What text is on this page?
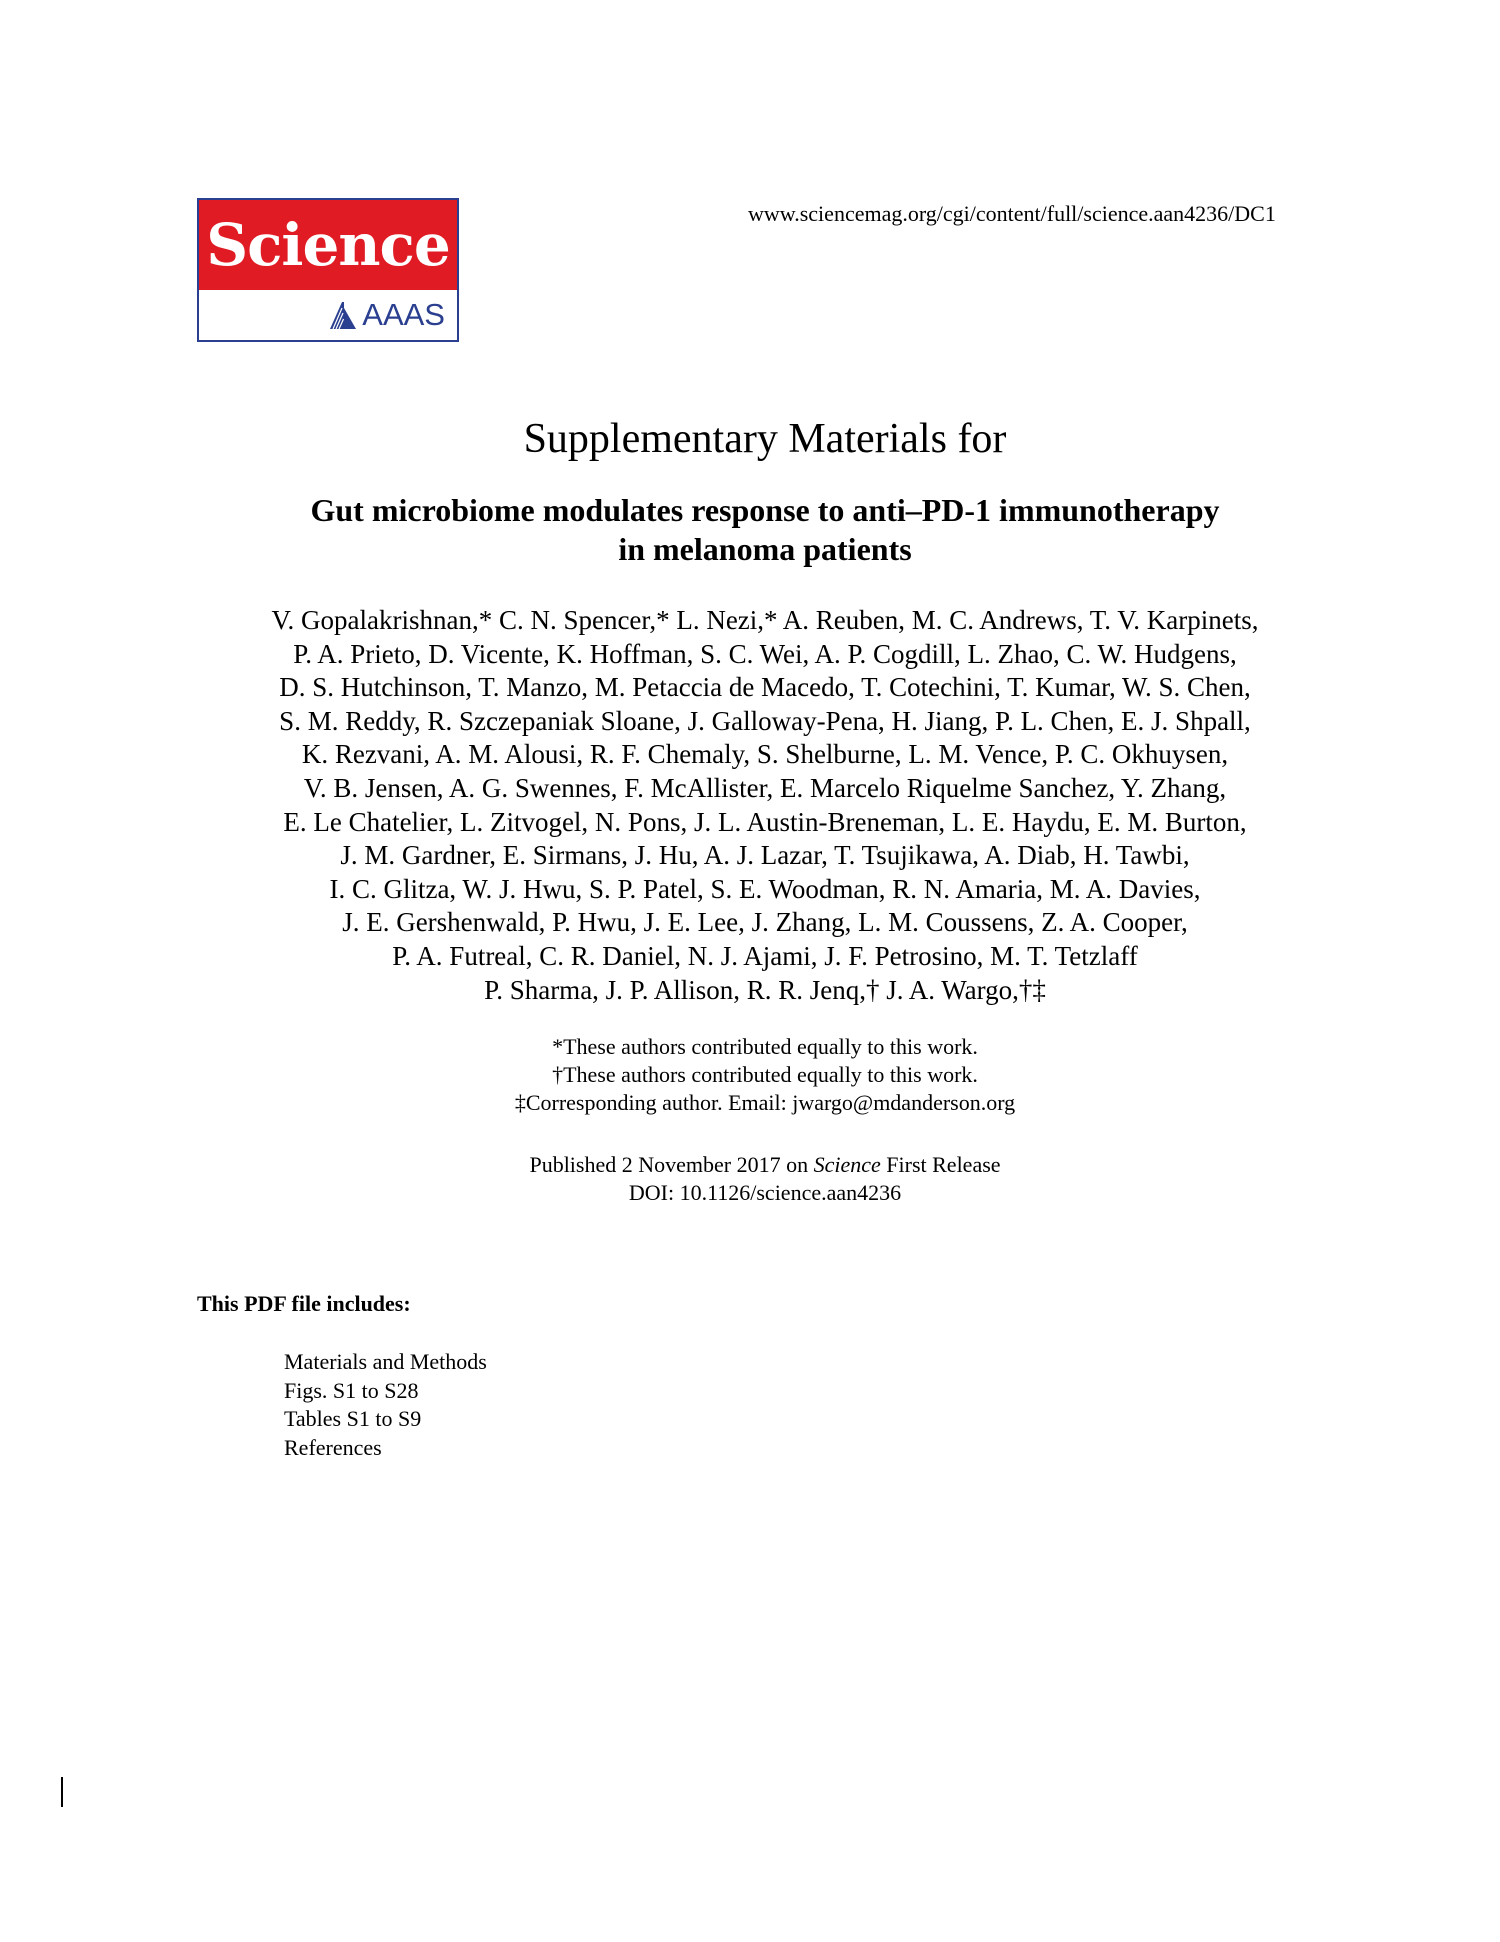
Science
AAAS
www.sciencemag.org/cgi/content/full/science.aan4236/DC1
Supplementary Materials for
Gut microbiome modulates response to anti–PD-1 immunotherapy
in melanoma patients
V. Gopalakrishnan,* C. N. Spencer,* L. Nezi,* A. Reuben, M. C. Andrews, T. V. Karpinets,
P. A. Prieto, D. Vicente, K. Hoffman, S. C. Wei, A. P. Cogdill, L. Zhao, C. W. Hudgens,
D. S. Hutchinson, T. Manzo, M. Petaccia de Macedo, T. Cotechini, T. Kumar, W. S. Chen,
S. M. Reddy, R. Szczepaniak Sloane, J. Galloway-Pena, H. Jiang, P. L. Chen, E. J. Shpall,
K. Rezvani, A. M. Alousi, R. F. Chemaly, S. Shelburne, L. M. Vence, P. C. Okhuysen,
V. B. Jensen, A. G. Swennes, F. McAllister, E. Marcelo Riquelme Sanchez, Y. Zhang,
E. Le Chatelier, L. Zitvogel, N. Pons, J. L. Austin-Breneman, L. E. Haydu, E. M. Burton,
J. M. Gardner, E. Sirmans, J. Hu, A. J. Lazar, T. Tsujikawa, A. Diab, H. Tawbi,
I. C. Glitza, W. J. Hwu, S. P. Patel, S. E. Woodman, R. N. Amaria, M. A. Davies,
J. E. Gershenwald, P. Hwu, J. E. Lee, J. Zhang, L. M. Coussens, Z. A. Cooper,
P. A. Futreal, C. R. Daniel, N. J. Ajami, J. F. Petrosino, M. T. Tetzlaff
P. Sharma, J. P. Allison, R. R. Jenq,† J. A. Wargo,†‡
*These authors contributed equally to this work.
†These authors contributed equally to this work.
‡Corresponding author. Email: jwargo@mdanderson.org
Published 2 November 2017 on Science First Release
DOI: 10.1126/science.aan4236
This PDF file includes:
Materials and Methods
Figs. S1 to S28
Tables S1 to S9
References
